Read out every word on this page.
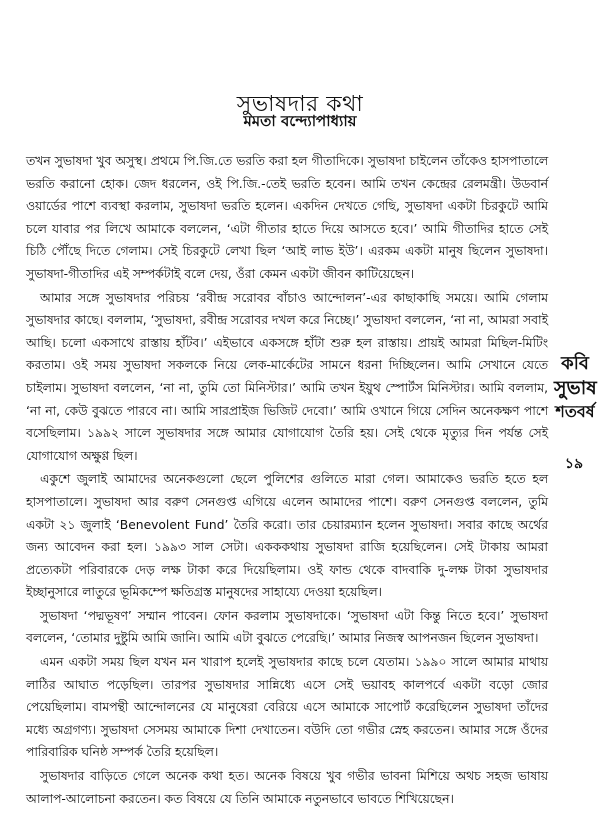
সুভাষদার কথা
মমতা বন্দ্যোপাধ্যায়

তখন সুভাষদা খুব অসুস্থ। প্রথমে পি.জি.তে ভরতি করা হল গীতাদিকে। সুভাষদা চাইলেন তাঁকেও হাসপাতালে ভরতি করানো হোক। জেদ ধরলেন, ওই পি.জি.-তেই ভরতি হবেন। আমি তখন কেন্দ্রের রেলমন্ত্রী। উডবার্ন ওয়ার্ডের পাশে ব্যবস্থা করলাম, সুভাষদা ভরতি হলেন। একদিন দেখতে গেছি, সুভাষদা একটা চিরকুটে আমি চলে যাবার পর লিখে আমাকে বললেন, ‘এটা গীতার হাতে দিয়ে আসতে হবে।’ আমি গীতাদির হাতে সেই চিঠি পৌঁছে দিতে গেলাম। সেই চিরকুটে লেখা ছিল ‘আই লাভ ইউ’। এরকম একটা মানুষ ছিলেন সুভাষদা। সুভাষদা-গীতাদির এই সম্পর্কটাই বলে দেয়, ওঁরা কেমন একটা জীবন কাটিয়েছেন।

আমার সঙ্গে সুভাষদার পরিচয় ‘রবীন্দ্র সরোবর বাঁচাও আন্দোলন’-এর কাছাকাছি সময়ে। আমি গেলাম সুভাষদার কাছে। বললাম, ‘সুভাষদা, রবীন্দ্র সরোবর দখল করে নিচ্ছে।’ সুভাষদা বললেন, ‘না না, আমরা সবাই আছি। চলো একসাথে রাস্তায় হাঁটব।’ এইভাবে একসঙ্গে হাঁটা শুরু হল রাস্তায়। প্রায়ই আমরা মিছিল-মিটিং করতাম। ওই সময় সুভাষদা সকলকে নিয়ে লেক-মার্কেটের সামনে ধরনা দিচ্ছিলেন। আমি সেখানে যেতে চাইলাম। সুভাষদা বললেন, ‘না না, তুমি তো মিনিস্টার।’ আমি তখন ইয়ুথ স্পোর্টস মিনিস্টার। আমি বললাম, ‘না না, কেউ বুঝতে পারবে না। আমি সারপ্রাইজ ভিজিট দেবো।’ আমি ওখানে গিয়ে সেদিন অনেকক্ষণ পাশে বসেছিলাম। ১৯৯২ সালে সুভাষদার সঙ্গে আমার যোগাযোগ তৈরি হয়। সেই থেকে মৃত্যুর দিন পর্যন্ত সেই যোগাযোগ অক্ষুণ্ণ ছিল।

একুশে জুলাই আমাদের অনেকগুলো ছেলে পুলিশের গুলিতে মারা গেল। আমাকেও ভরতি হতে হল হাসপাতালে। সুভাষদা আর বরুণ সেনগুপ্ত এগিয়ে এলেন আমাদের পাশে। বরুণ সেনগুপ্ত বললেন, তুমি একটা ২১ জুলাই ‘Benevolent Fund’ তৈরি করো। তার চেয়ারম্যান হলেন সুভাষদা। সবার কাছে অর্থের জন্য আবেদন করা হল। ১৯৯৩ সাল সেটা। একককথায় সুভাষদা রাজি হয়েছিলেন। সেই টাকায় আমরা প্রত্যেকটা পরিবারকে দেড় লক্ষ টাকা করে দিয়েছিলাম। ওই ফান্ড থেকে বাদবাকি দু-লক্ষ টাকা সুভাষদার ইচ্ছানুসারে লাতুরে ভূমিকম্পে ক্ষতিগ্রস্ত মানুষদের সাহায্যে দেওয়া হয়েছিল।

সুভাষদা ‘পদ্মভূষণ’ সম্মান পাবেন। ফোন করলাম সুভাষদাকে। ‘সুভাষদা এটা কিন্তু নিতে হবে।’ সুভাষদা বললেন, ‘তোমার দুষ্টুমি আমি জানি। আমি এটা বুঝতে পেরেছি।’ আমার নিজস্ব আপনজন ছিলেন সুভাষদা।

এমন একটা সময় ছিল যখন মন খারাপ হলেই সুভাষদার কাছে চলে যেতাম। ১৯৯০ সালে আমার মাথায় লাঠির আঘাত পড়েছিল। তারপর সুভাষদার সান্নিধ্যে এসে সেই ভয়াবহ কালপর্বে একটা বড়ো জোর পেয়েছিলাম। বামপন্থী আন্দোলনের যে মানুষেরা বেরিয়ে এসে আমাকে সাপোর্ট করেছিলেন সুভাষদা তাঁদের মধ্যে অগ্রগণ্য। সুভাষদা সেসময় আমাকে দিশা দেখাতেন। বউদি তো গভীর স্নেহ করতেন। আমার সঙ্গে ওঁদের পারিবারিক ঘনিষ্ঠ সম্পর্ক তৈরি হয়েছিল।

সুভাষদার বাড়িতে গেলে অনেক কথা হত। অনেক বিষয়ে খুব গভীর ভাবনা মিশিয়ে অথচ সহজ ভাষায় আলাপ-আলোচনা করতেন। কত বিষয়ে যে তিনি আমাকে নতুনভাবে ভাবতে শিখিয়েছেন।

কবি
সুভাষ
শতবর্ষ
১৯
